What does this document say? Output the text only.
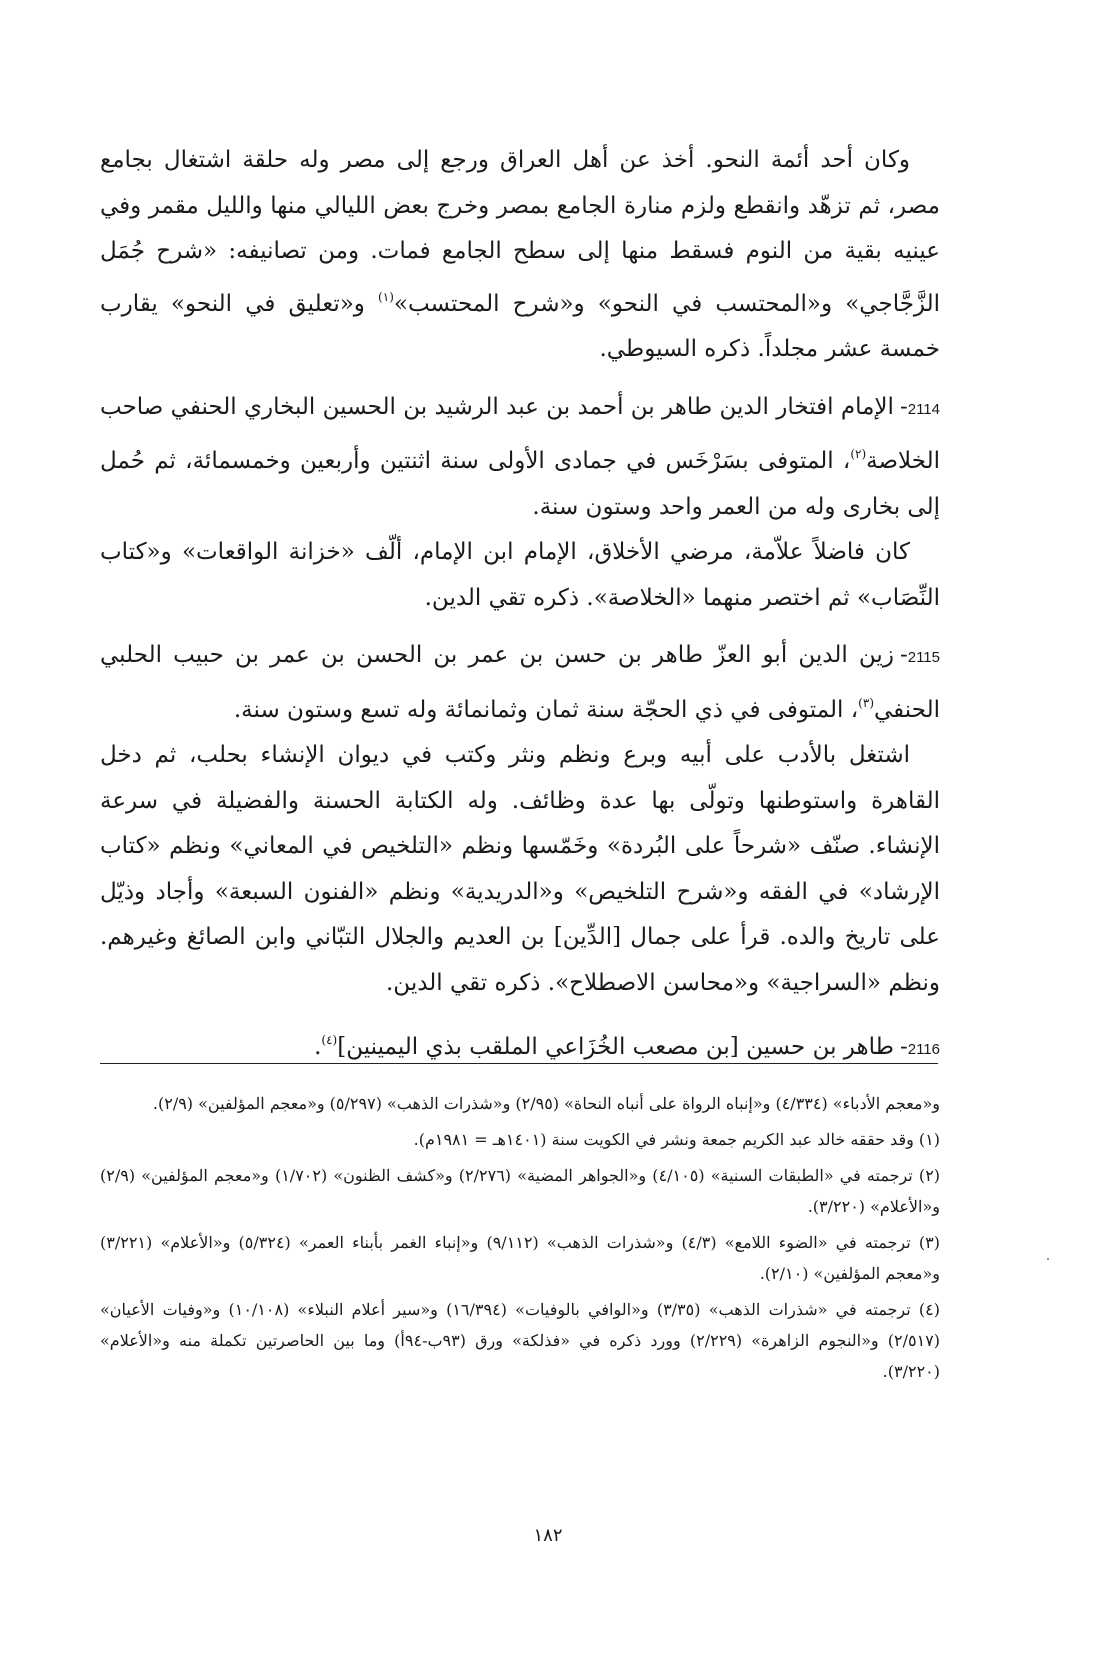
وكان أحد أئمة النحو. أخذ عن أهل العراق ورجع إلى مصر وله حلقة اشتغال بجامع مصر، ثم تزهّد وانقطع ولزم منارة الجامع بمصر وخرج بعض الليالي منها والليل مقمر وفي عينيه بقية من النوم فسقط منها إلى سطح الجامع فمات. ومن تصانيفه: «شرح جُمَل الزَّجَّاجي» و«المحتسب في النحو» و«شرح المحتسب»$^{(١)}$ و«تعليق في النحو» يقارب خمسة عشر مجلداً. ذكره السيوطي.

2114-الإمام افتخار الدين طاهر بن أحمد بن عبد الرشيد بن الحسين البخاري الحنفي صاحب الخلاصة$^{(٢)}$، المتوفى بسَرْخَس في جمادى الأولى سنة اثنتين وأربعين وخمسمائة، ثم حُمل إلى بخارى وله من العمر واحد وستون سنة.

كان فاضلاً علاّمة، مرضي الأخلاق، الإمام ابن الإمام، ألّف «خزانة الواقعات» و«كتاب النِّصَاب» ثم اختصر منهما «الخلاصة». ذكره تقي الدين.

2115-زين الدين أبو العزّ طاهر بن حسن بن عمر بن الحسن بن عمر بن حبيب الحلبي الحنفي$^{(٣)}$، المتوفى في ذي الحجّة سنة ثمان وثمانمائة وله تسع وستون سنة.

اشتغل بالأدب على أبيه وبرع ونظم ونثر وكتب في ديوان الإنشاء بحلب، ثم دخل القاهرة واستوطنها وتولّى بها عدة وظائف. وله الكتابة الحسنة والفضيلة في سرعة الإنشاء. صنّف «شرحاً على البُردة» وخَمّسها ونظم «التلخيص في المعاني» ونظم «كتاب الإرشاد» في الفقه و«شرح التلخيص» و«الدريدية» ونظم «الفنون السبعة» وأجاد وذيّل على تاريخ والده. قرأ على جمال [الدِّين] بن العديم والجلال التبّاني وابن الصائغ وغيرهم. ونظم «السراجية» و«محاسن الاصطلاح». ذكره تقي الدين.

2116-طاهر بن حسين [بن مصعب الخُزَاعي الملقب بذي اليمينين]$^{(٤)}$.

و«معجم الأدباء» (٤/٣٣٤) و«إنباه الرواة على أنباه النحاة» (٢/٩٥) و«شذرات الذهب» (٥/٢٩٧) و«معجم المؤلفين» (٢/٩).

(١) وقد حققه خالد عبد الكريم جمعة ونشر في الكويت سنة (١٤٠١هـ = ١٩٨١م).

(٢) ترجمته في «الطبقات السنية» (٤/١٠٥) و«الجواهر المضية» (٢/٢٧٦) و«كشف الظنون» (١/٧٠٢) و«معجم المؤلفين» (٢/٩) و«الأعلام» (٣/٢٢٠).

(٣) ترجمته في «الضوء اللامع» (٤/٣) و«شذرات الذهب» (٩/١١٢) و«إنباء الغمر بأبناء العمر» (٥/٣٢٤) و«الأعلام» (٣/٢٢١) و«معجم المؤلفين» (٢/١٠).

(٤) ترجمته في «شذرات الذهب» (٣/٣٥) و«الوافي بالوفيات» (١٦/٣٩٤) و«سير أعلام النبلاء» (١٠/١٠٨) و«وفيات الأعيان» (٢/٥١٧) و«النجوم الزاهرة» (٢/٢٢٩) وورد ذكره في «فذلكة» ورق (٩٣ب-٩٤أ) وما بين الحاصرتين تكملة منه و«الأعلام» (٣/٢٢٠).

١٨٢
